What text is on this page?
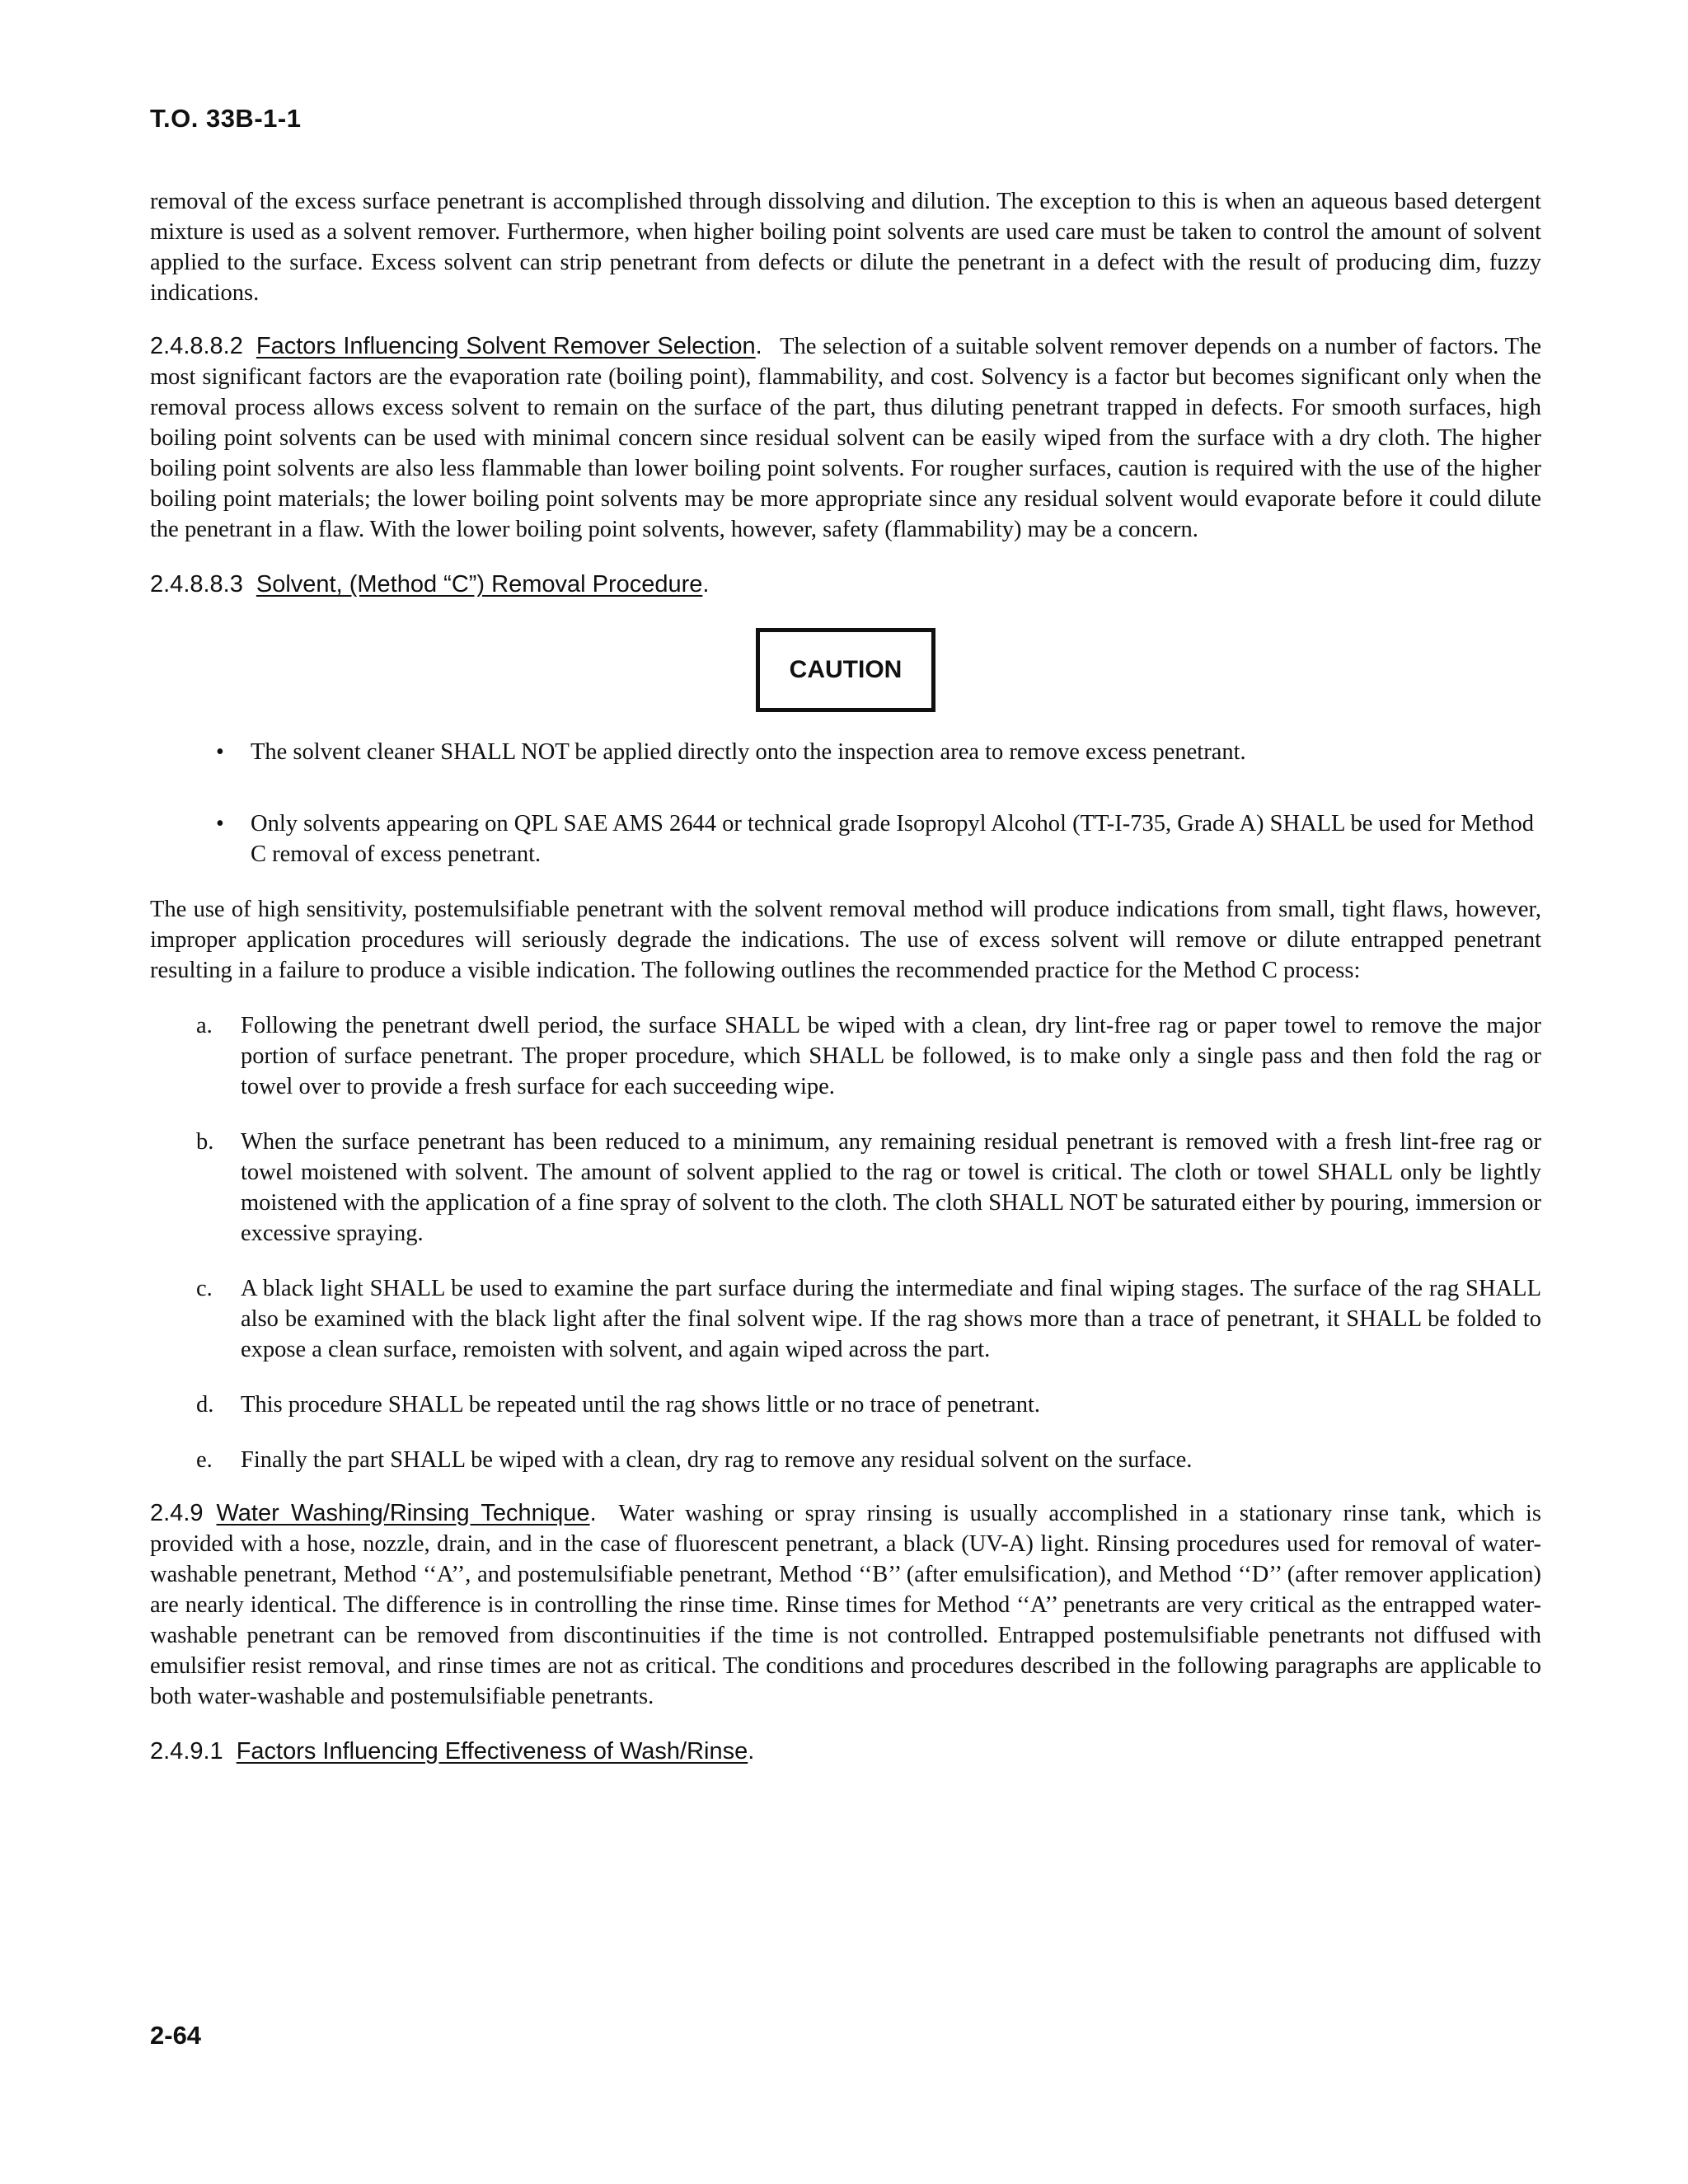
T.O. 33B-1-1

removal of the excess surface penetrant is accomplished through dissolving and dilution. The exception to this is when an aqueous based detergent mixture is used as a solvent remover. Furthermore, when higher boiling point solvents are used care must be taken to control the amount of solvent applied to the surface. Excess solvent can strip penetrant from defects or dilute the penetrant in a defect with the result of producing dim, fuzzy indications.

2.4.8.8.2 Factors Influencing Solvent Remover Selection. The selection of a suitable solvent remover depends on a number of factors. The most significant factors are the evaporation rate (boiling point), flammability, and cost. Solvency is a factor but becomes significant only when the removal process allows excess solvent to remain on the surface of the part, thus diluting penetrant trapped in defects. For smooth surfaces, high boiling point solvents can be used with minimal concern since residual solvent can be easily wiped from the surface with a dry cloth. The higher boiling point solvents are also less flammable than lower boiling point solvents. For rougher surfaces, caution is required with the use of the higher boiling point materials; the lower boiling point solvents may be more appropriate since any residual solvent would evaporate before it could dilute the penetrant in a flaw. With the lower boiling point solvents, however, safety (flammability) may be a concern.

2.4.8.8.3 Solvent, (Method “C”) Removal Procedure.
CAUTION
• The solvent cleaner SHALL NOT be applied directly onto the inspection area to remove excess penetrant.
• Only solvents appearing on QPL SAE AMS 2644 or technical grade Isopropyl Alcohol (TT-I-735, Grade A) SHALL be used for Method C removal of excess penetrant.

The use of high sensitivity, postemulsifiable penetrant with the solvent removal method will produce indications from small, tight flaws, however, improper application procedures will seriously degrade the indications. The use of excess solvent will remove or dilute entrapped penetrant resulting in a failure to produce a visible indication. The following outlines the recommended practice for the Method C process:

a. Following the penetrant dwell period, the surface SHALL be wiped with a clean, dry lint-free rag or paper towel to remove the major portion of surface penetrant. The proper procedure, which SHALL be followed, is to make only a single pass and then fold the rag or towel over to provide a fresh surface for each succeeding wipe.
b. When the surface penetrant has been reduced to a minimum, any remaining residual penetrant is removed with a fresh lint-free rag or towel moistened with solvent. The amount of solvent applied to the rag or towel is critical. The cloth or towel SHALL only be lightly moistened with the application of a fine spray of solvent to the cloth. The cloth SHALL NOT be saturated either by pouring, immersion or excessive spraying.
c. A black light SHALL be used to examine the part surface during the intermediate and final wiping stages. The surface of the rag SHALL also be examined with the black light after the final solvent wipe. If the rag shows more than a trace of penetrant, it SHALL be folded to expose a clean surface, remoisten with solvent, and again wiped across the part.
d. This procedure SHALL be repeated until the rag shows little or no trace of penetrant.
e. Finally the part SHALL be wiped with a clean, dry rag to remove any residual solvent on the surface.

2.4.9 Water Washing/Rinsing Technique. Water washing or spray rinsing is usually accomplished in a stationary rinse tank, which is provided with a hose, nozzle, drain, and in the case of fluorescent penetrant, a black (UV-A) light. Rinsing procedures used for removal of water-washable penetrant, Method ‘‘A’’, and postemulsifiable penetrant, Method ‘‘B’’ (after emulsification), and Method ‘‘D’’ (after remover application) are nearly identical. The difference is in controlling the rinse time. Rinse times for Method ‘‘A’’ penetrants are very critical as the entrapped water-washable penetrant can be removed from discontinuities if the time is not controlled. Entrapped postemulsifiable penetrants not diffused with emulsifier resist removal, and rinse times are not as critical. The conditions and procedures described in the following paragraphs are applicable to both water-washable and postemulsifiable penetrants.

2.4.9.1 Factors Influencing Effectiveness of Wash/Rinse.
2-64
